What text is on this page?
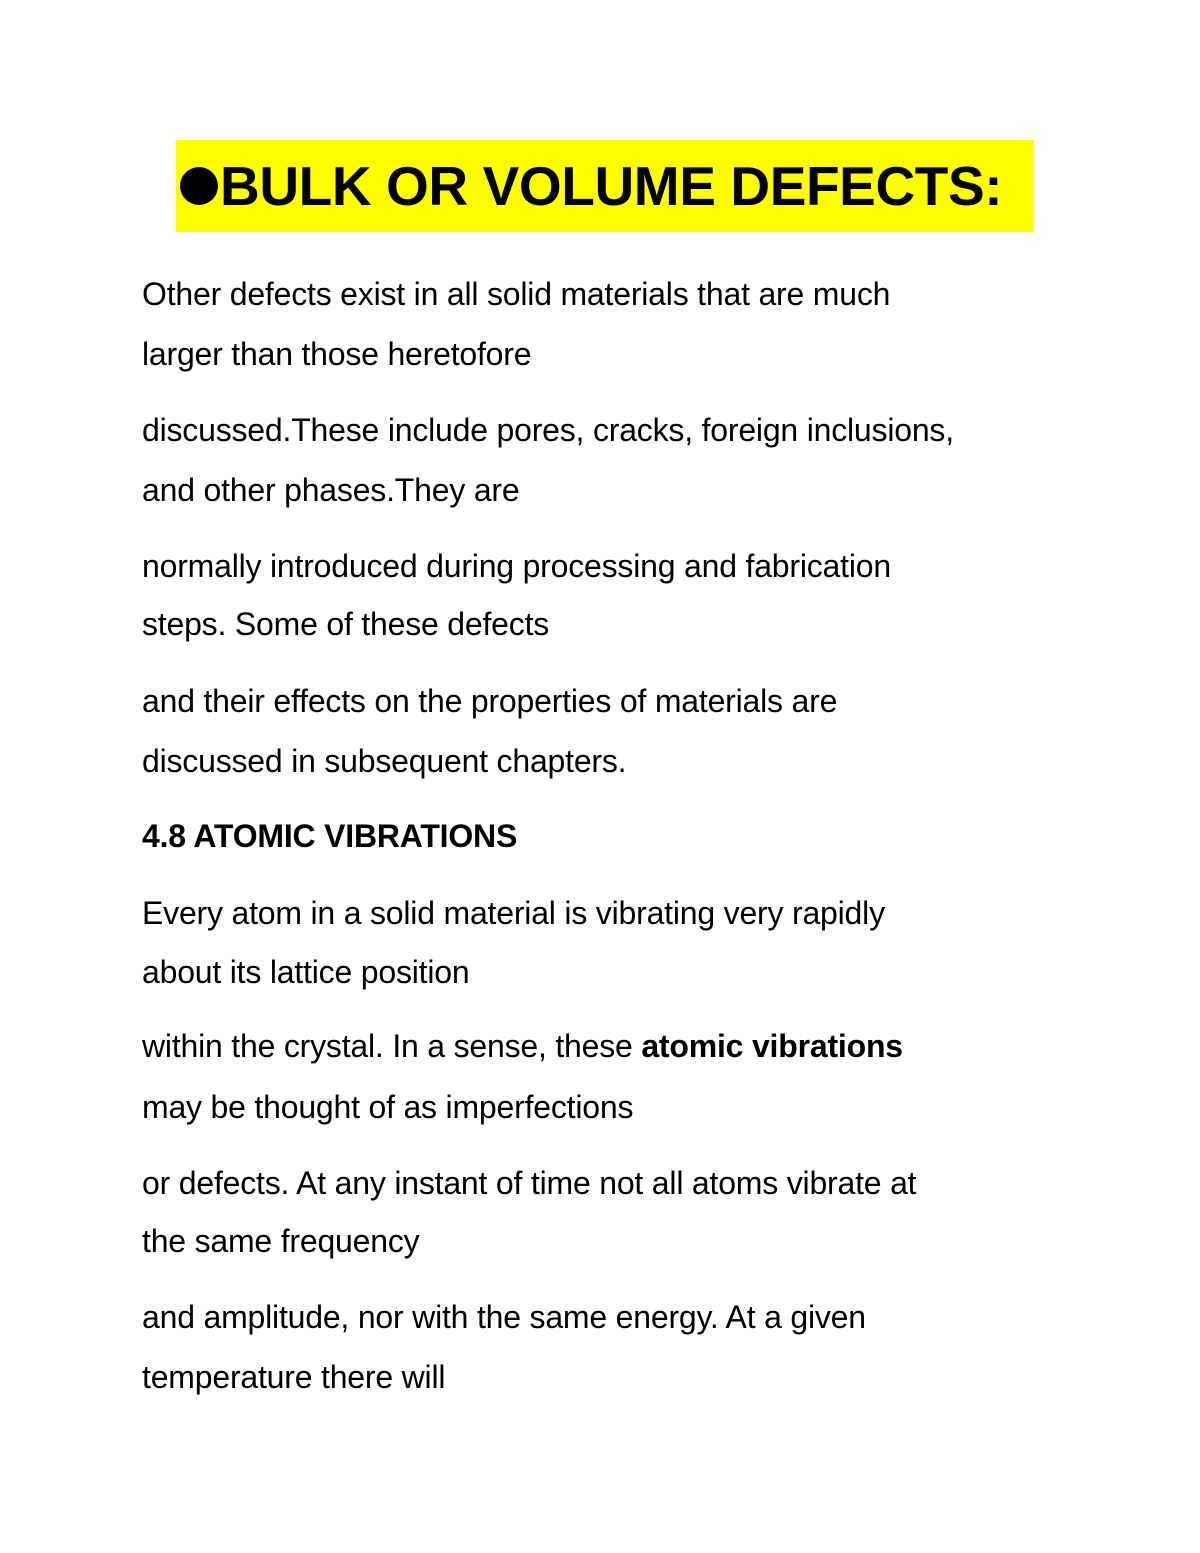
BULK OR VOLUME DEFECTS:
Other defects exist in all solid materials that are much
larger than those heretofore
discussed.These include pores, cracks, foreign inclusions,
and other phases.They are
normally introduced during processing and fabrication
steps. Some of these defects
and their effects on the properties of materials are
discussed in subsequent chapters.
4.8 ATOMIC VIBRATIONS
Every atom in a solid material is vibrating very rapidly
about its lattice position
within the crystal. In a sense, these atomic vibrations
may be thought of as imperfections
or defects. At any instant of time not all atoms vibrate at
the same frequency
and amplitude, nor with the same energy. At a given
temperature there will
